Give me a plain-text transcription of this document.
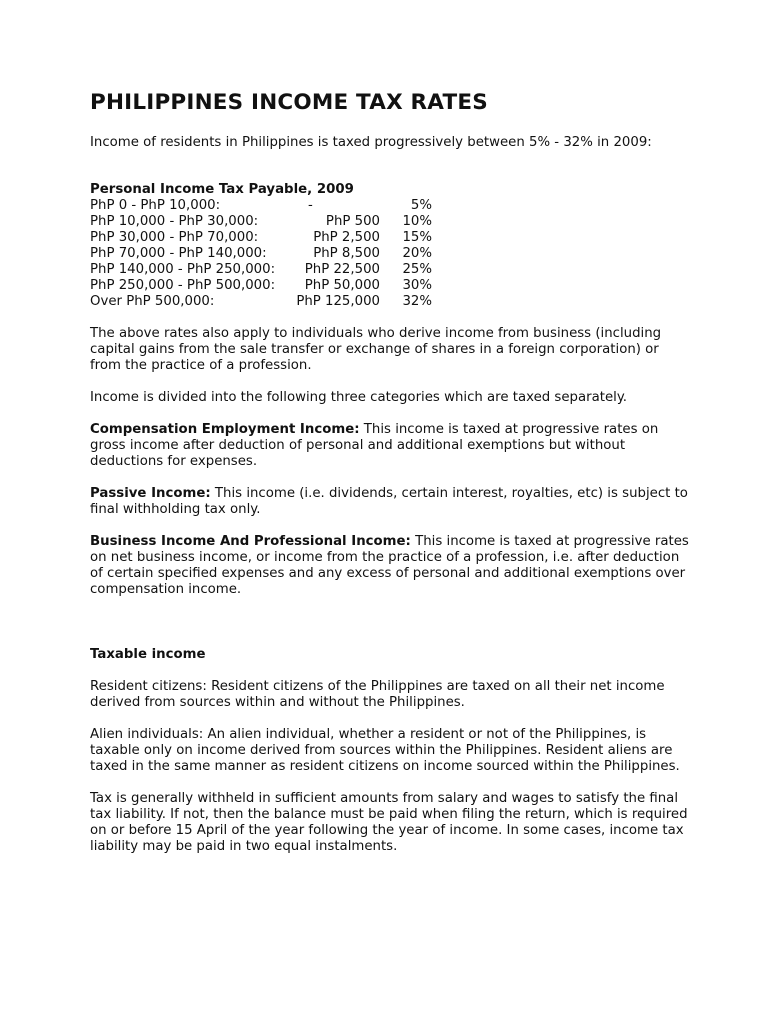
PHILIPPINES INCOME TAX RATES

Income of residents in Philippines is taxed progressively between 5% - 32% in 2009:

Personal Income Tax Payable, 2009
PhP 0 - PhP 10,000:	-	5%
PhP 10,000 - PhP 30,000:	PhP 500	10%
PhP 30,000 - PhP 70,000:	PhP 2,500	15%
PhP 70,000 - PhP 140,000:	PhP 8,500	20%
PhP 140,000 - PhP 250,000:	PhP 22,500	25%
PhP 250,000 - PhP 500,000:	PhP 50,000	30%
Over PhP 500,000:	PhP 125,000	32%

The above rates also apply to individuals who derive income from business (including capital gains from the sale transfer or exchange of shares in a foreign corporation) or from the practice of a profession.

Income is divided into the following three categories which are taxed separately.

Compensation Employment Income: This income is taxed at progressive rates on gross income after deduction of personal and additional exemptions but without deductions for expenses.

Passive Income: This income (i.e. dividends, certain interest, royalties, etc) is subject to final withholding tax only.

Business Income And Professional Income: This income is taxed at progressive rates on net business income, or income from the practice of a profession, i.e. after deduction of certain specified expenses and any excess of personal and additional exemptions over compensation income.

Taxable income

Resident citizens: Resident citizens of the Philippines are taxed on all their net income derived from sources within and without the Philippines.

Alien individuals: An alien individual, whether a resident or not of the Philippines, is taxable only on income derived from sources within the Philippines. Resident aliens are taxed in the same manner as resident citizens on income sourced within the Philippines.

Tax is generally withheld in sufficient amounts from salary and wages to satisfy the final tax liability. If not, then the balance must be paid when filing the return, which is required on or before 15 April of the year following the year of income. In some cases, income tax liability may be paid in two equal instalments.
